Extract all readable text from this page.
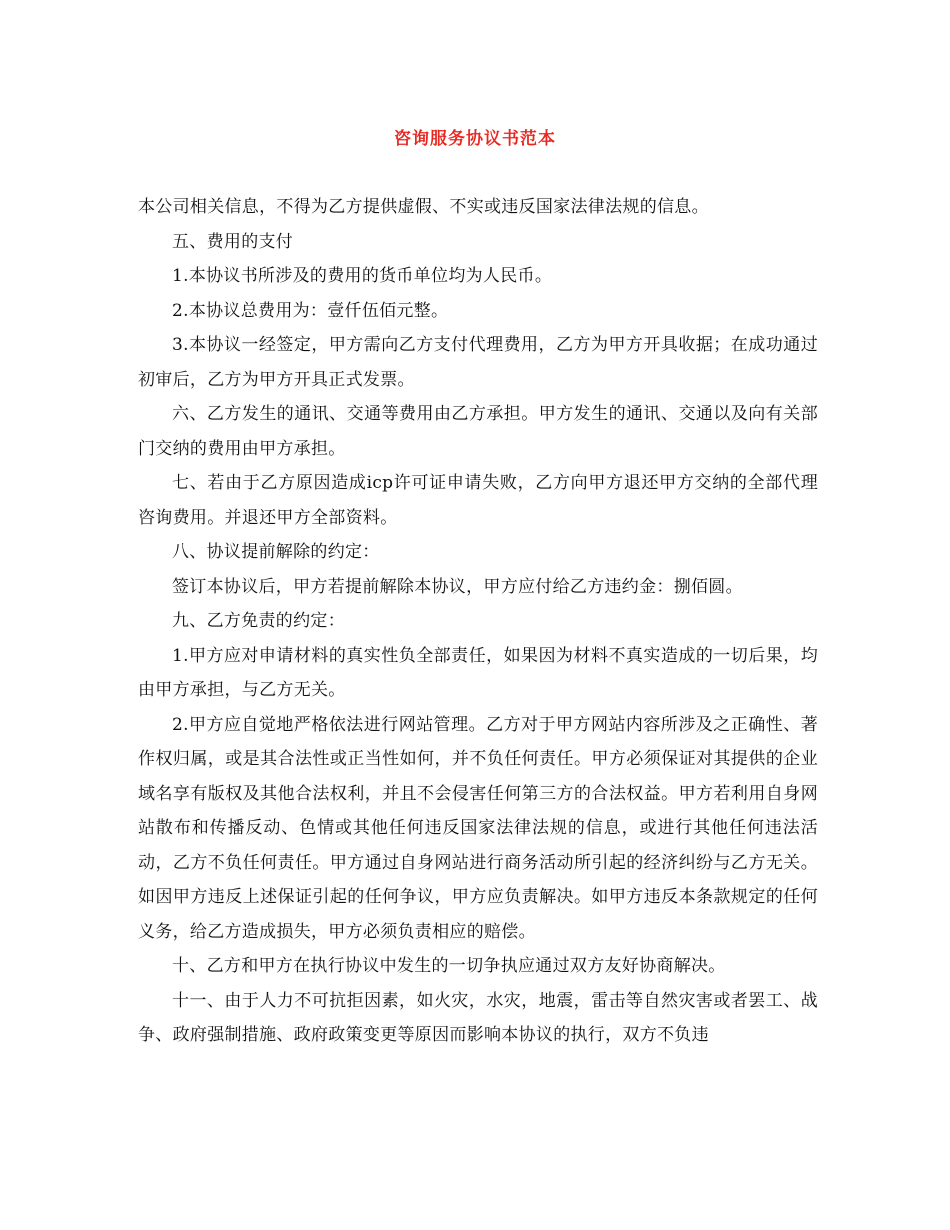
咨询服务协议书范本

本公司相关信息，不得为乙方提供虚假、不实或违反国家法律法规的信息。

五、费用的支付

1.本协议书所涉及的费用的货币单位均为人民币。

2.本协议总费用为：壹仟伍佰元整。

3.本协议一经签定，甲方需向乙方支付代理费用，乙方为甲方开具收据；在成功通过初审后，乙方为甲方开具正式发票。

六、乙方发生的通讯、交通等费用由乙方承担。甲方发生的通讯、交通以及向有关部门交纳的费用由甲方承担。

七、若由于乙方原因造成icp许可证申请失败，乙方向甲方退还甲方交纳的全部代理咨询费用。并退还甲方全部资料。

八、协议提前解除的约定：

签订本协议后，甲方若提前解除本协议，甲方应付给乙方违约金：捌佰圆。

九、乙方免责的约定：

1.甲方应对申请材料的真实性负全部责任，如果因为材料不真实造成的一切后果，均由甲方承担，与乙方无关。

2.甲方应自觉地严格依法进行网站管理。乙方对于甲方网站内容所涉及之正确性、著作权归属，或是其合法性或正当性如何，并不负任何责任。甲方必须保证对其提供的企业域名享有版权及其他合法权利，并且不会侵害任何第三方的合法权益。甲方若利用自身网站散布和传播反动、色情或其他任何违反国家法律法规的信息，或进行其他任何违法活动，乙方不负任何责任。甲方通过自身网站进行商务活动所引起的经济纠纷与乙方无关。如因甲方违反上述保证引起的任何争议，甲方应负责解决。如甲方违反本条款规定的任何义务，给乙方造成损失，甲方必须负责相应的赔偿。

十、乙方和甲方在执行协议中发生的一切争执应通过双方友好协商解决。

十一、由于人力不可抗拒因素，如火灾，水灾，地震，雷击等自然灾害或者罢工、战争、政府强制措施、政府政策变更等原因而影响本协议的执行，双方不负违
